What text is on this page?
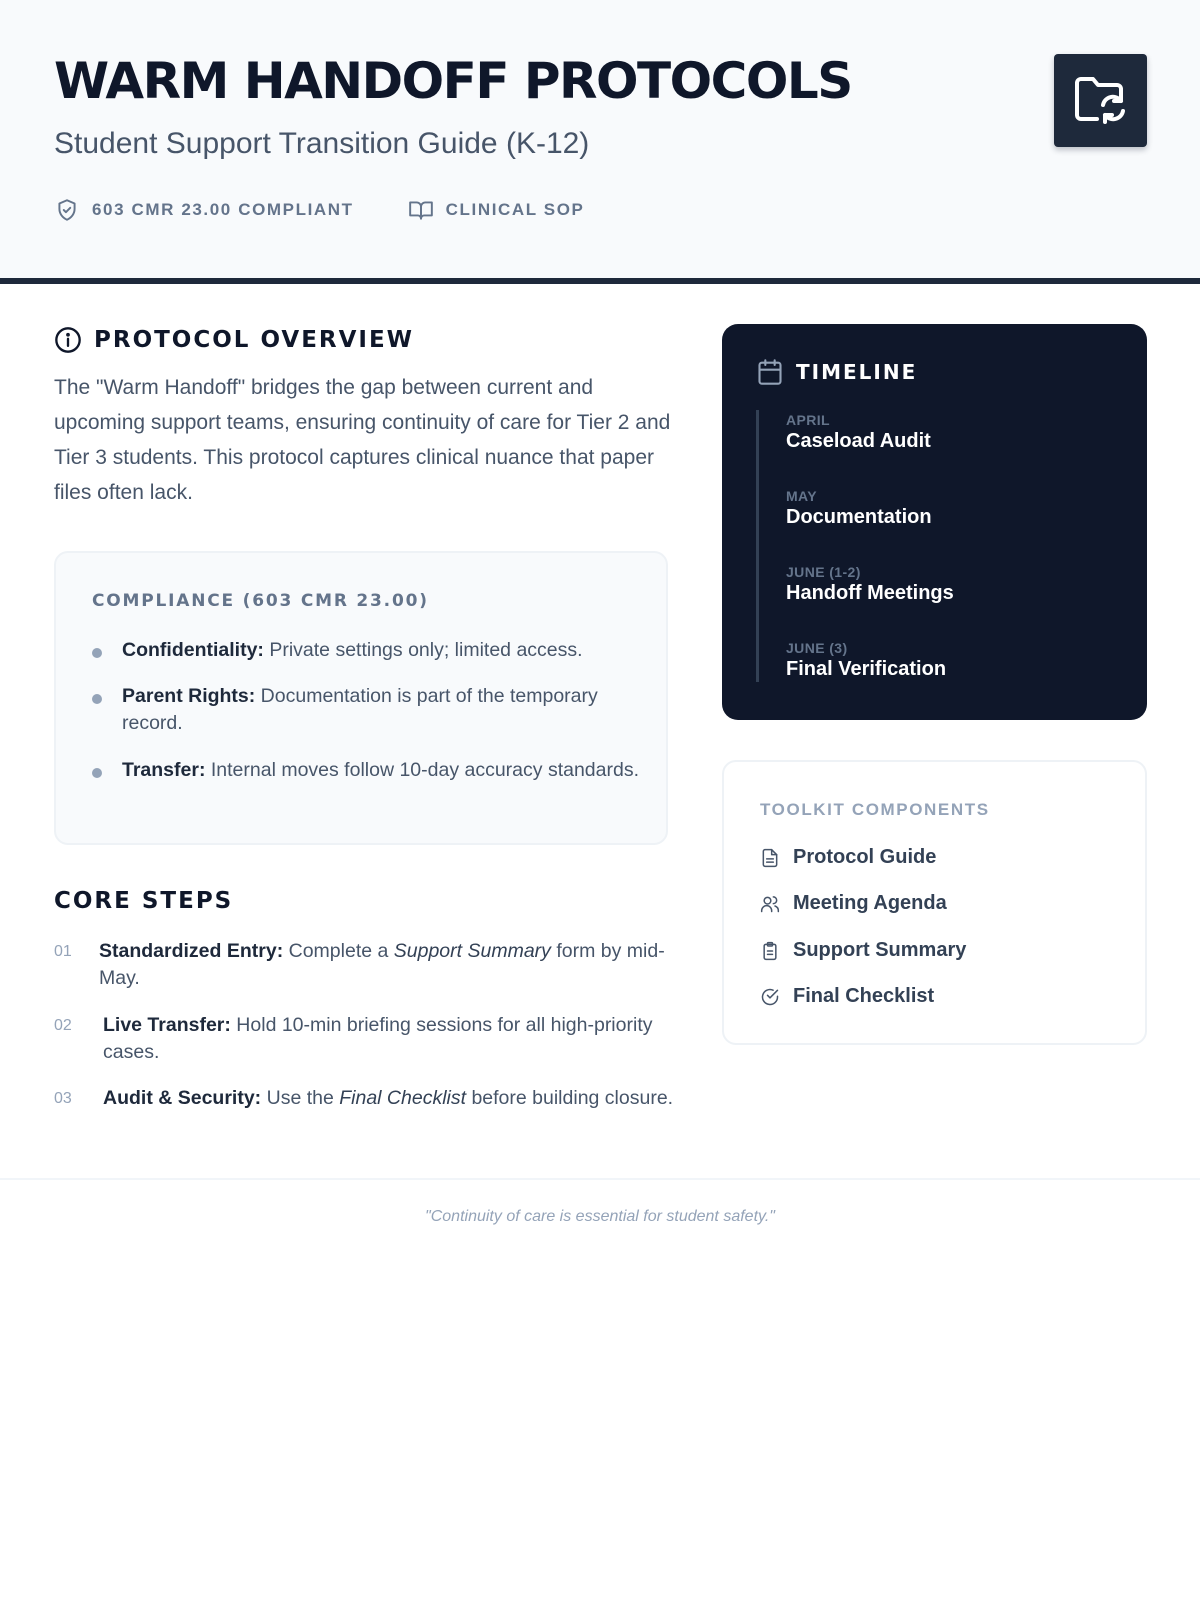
WARM HANDOFF PROTOCOLS
Student Support Transition Guide (K-12)
603 CMR 23.00 COMPLIANT	CLINICAL SOP
PROTOCOL OVERVIEW
The "Warm Handoff" bridges the gap between current and upcoming support teams, ensuring continuity of care for Tier 2 and Tier 3 students. This protocol captures clinical nuance that paper files often lack.
COMPLIANCE (603 CMR 23.00)
Confidentiality: Private settings only; limited access.
Parent Rights: Documentation is part of the temporary record.
Transfer: Internal moves follow 10-day accuracy standards.
CORE STEPS
01 Standardized Entry: Complete a Support Summary form by mid-May.
02 Live Transfer: Hold 10-min briefing sessions for all high-priority cases.
03 Audit & Security: Use the Final Checklist before building closure.
TIMELINE
APRIL
Caseload Audit
MAY
Documentation
JUNE (1-2)
Handoff Meetings
JUNE (3)
Final Verification
TOOLKIT COMPONENTS
Protocol Guide
Meeting Agenda
Support Summary
Final Checklist
"Continuity of care is essential for student safety."
